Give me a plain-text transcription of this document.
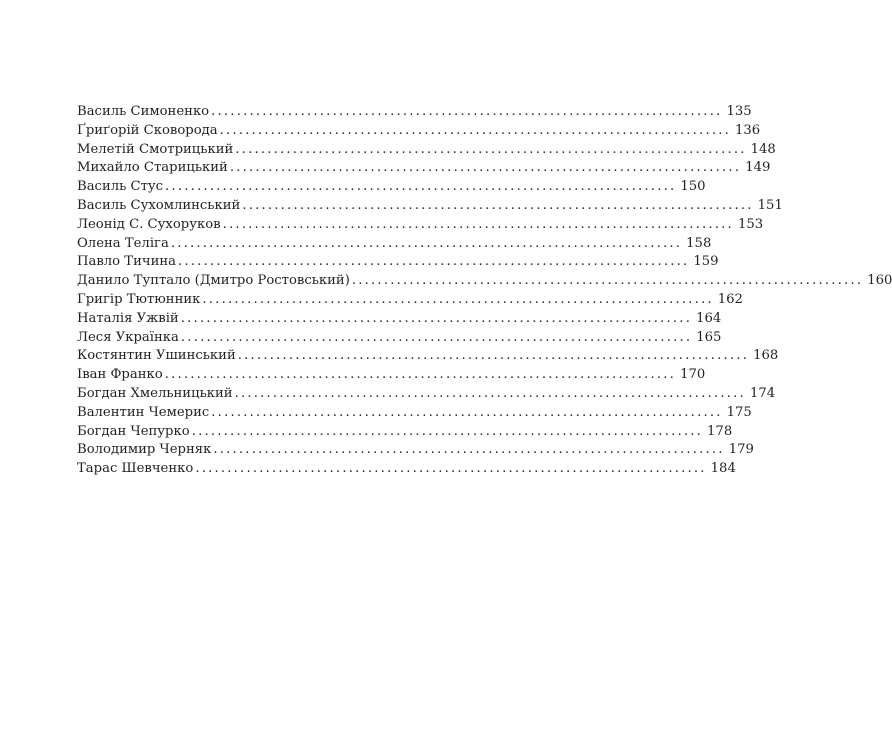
Василь Симоненко ................................................................................ 135
Ґриґорій Сковорода ................................................................................ 136
Мелетій Смотрицький ................................................................................ 148
Михайло Старицький ................................................................................ 149
Василь Стус ................................................................................ 150
Василь Сухомлинський ................................................................................ 151
Леонід С. Сухоруков ................................................................................ 153
Олена Теліга ................................................................................ 158
Павло Тичина ................................................................................ 159
Данило Туптало (Дмитро Ростовський) ................................................................................ 160
Григір Тютюнник ................................................................................ 162
Наталія Ужвій ................................................................................ 164
Леся Українка ................................................................................ 165
Костянтин Ушинський ................................................................................ 168
Іван Франко ................................................................................ 170
Богдан Хмельницький ................................................................................ 174
Валентин Чемерис ................................................................................ 175
Богдан Чепурко ................................................................................ 178
Володимир Черняк ................................................................................ 179
Тарас Шевченко ................................................................................ 184
